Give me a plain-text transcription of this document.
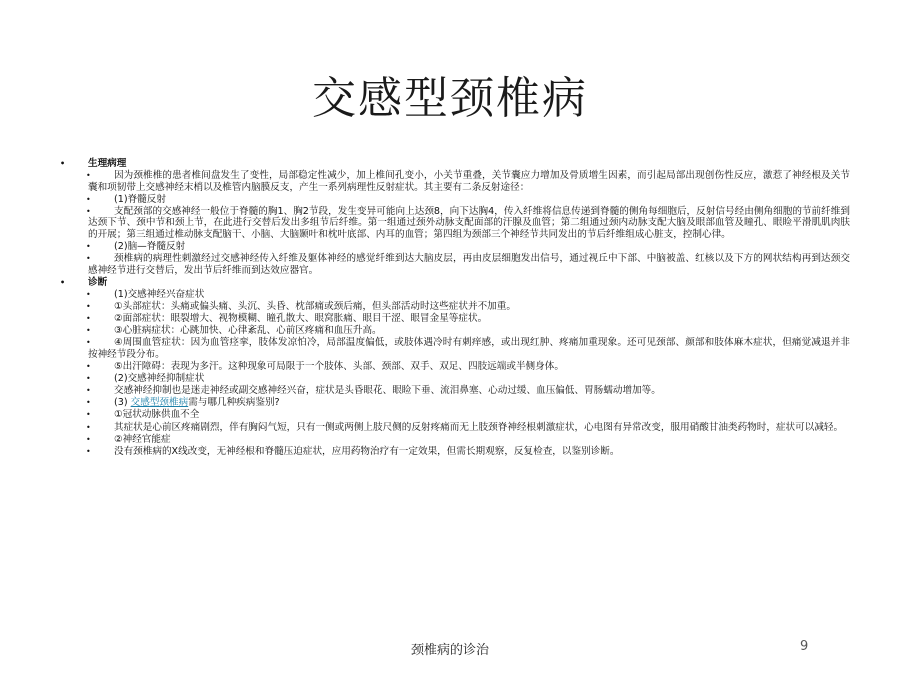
交感型颈椎病
• 生理病理
• 因为颈椎椎的患者椎间盘发生了变性，局部稳定性减少，加上椎间孔变小，小关节重叠，关节囊应力增加及骨质增生因素，而引起局部出现创伤性反应，激惹了神经根及关节囊和项韧带上交感神经末梢以及椎管内脑膜反支，产生一系列病理性反射症状。其主要有二条反射途径：
• (1)脊髓反射
• 支配颈部的交感神经一般位于脊髓的胸1、胸2节段，发生变异可能向上达颈8，向下达胸4，传入纤维将信息传递到脊髓的侧角每细胞后，反射信号经由侧角细胞的节前纤维到达颈下节、颈中节和颈上节，在此进行交替后发出多组节后纤维。第一组通过颈外动脉支配面部的汗腺及血管；第二组通过颈内动脉支配大脑及眼部血管及瞳孔、眼睑平滑肌肌肉肤的开展；第三组通过椎动脉支配脑干、小脑、大脑颞叶和枕叶底部、内耳的血管；第四组为颈部三个神经节共同发出的节后纤维组成心脏支，控制心律。
• (2)脑—脊髓反射
• 颈椎病的病理性刺激经过交感神经传入纤维及躯体神经的感觉纤维到达大脑皮层，再由皮层细胞发出信号，通过视丘中下部、中脑被盖、红核以及下方的网状结构再到达颈交感神经节进行交替后，发出节后纤维而到达效应器官。
• 诊断
• (1)交感神经兴奋症状
• ①头部症状：头痛或偏头痛、头沉、头昏、枕部痛或颈后痛，但头部活动时这些症状并不加重。
• ②面部症状：眼裂增大、视物模糊、瞳孔散大、眼窝胀痛、眼目干涩、眼冒金星等症状。
• ③心脏病症状：心跳加快、心律紊乱、心前区疼痛和血压升高。
• ④周围血管症状：因为血管痉挛，肢体发凉怕冷，局部温度偏低，或肢体遇冷时有刺痒感，或出现红肿、疼痛加重现象。还可见颈部、颜部和肢体麻木症状，但痛觉减退并非按神经节段分布。
• ⑤出汗障碍：表现为多汗。这种现象可局限于一个肢体、头部、颈部、双手、双足、四肢远端或半侧身体。
• (2)交感神经抑制症状
• 交感神经抑制也是迷走神经或副交感神经兴奋，症状是头昏眼花、眼睑下垂、流泪鼻塞、心动过缓、血压偏低、胃肠蠕动增加等。
• (3) 交感型颈椎病需与哪几种疾病鉴别?
• ①冠状动脉供血不全
• 其症状是心前区疼痛剧烈，伴有胸闷气短，只有一侧或两侧上肢尺侧的反射疼痛而无上肢颈脊神经根刺激症状，心电图有异常改变，服用硝酸甘油类药物时，症状可以减轻。
• ②神经官能症
• 没有颈椎病的X线改变，无神经根和脊髓压迫症状，应用药物治疗有一定效果，但需长期观察，反复检查，以鉴别诊断。
颈椎病的诊治	9
